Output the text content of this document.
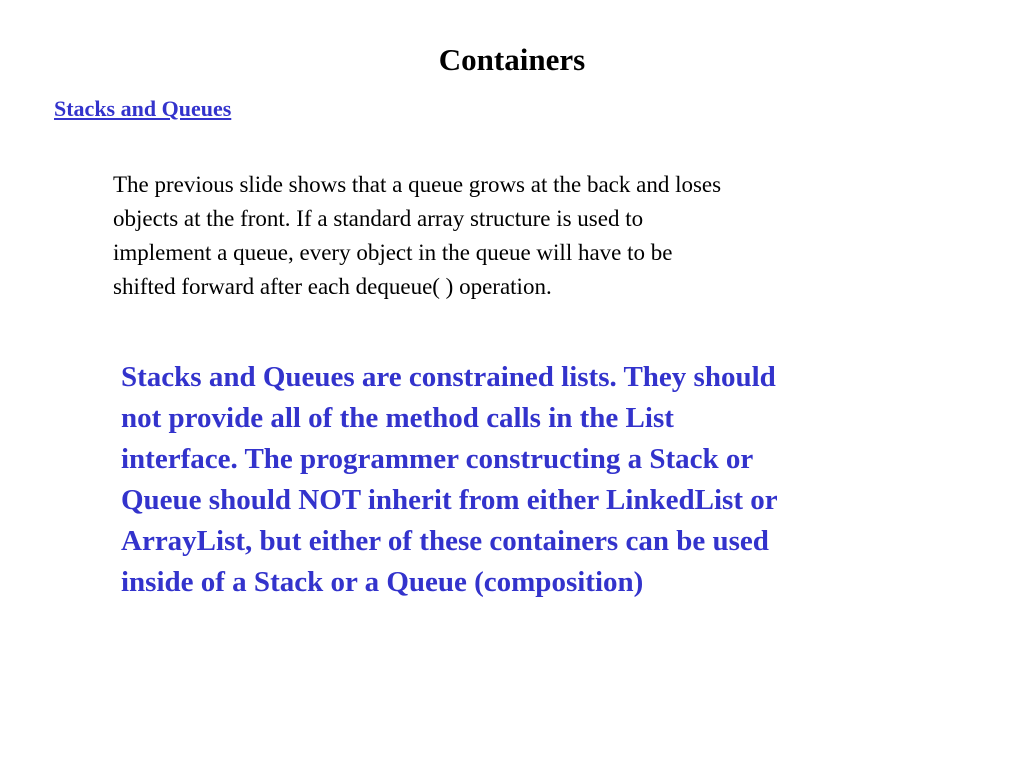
Containers
Stacks and Queues

The previous slide shows that a queue grows at the back and loses
objects at the front. If a standard array structure is used to
implement a queue, every object in the queue will have to be
shifted forward after each dequeue( ) operation.

Stacks and Queues are constrained lists. They should
not provide all of the method calls in the List
interface. The programmer constructing a Stack or
Queue should NOT inherit from either LinkedList or
ArrayList, but either of these containers can be used
inside of a Stack or a Queue (composition)
